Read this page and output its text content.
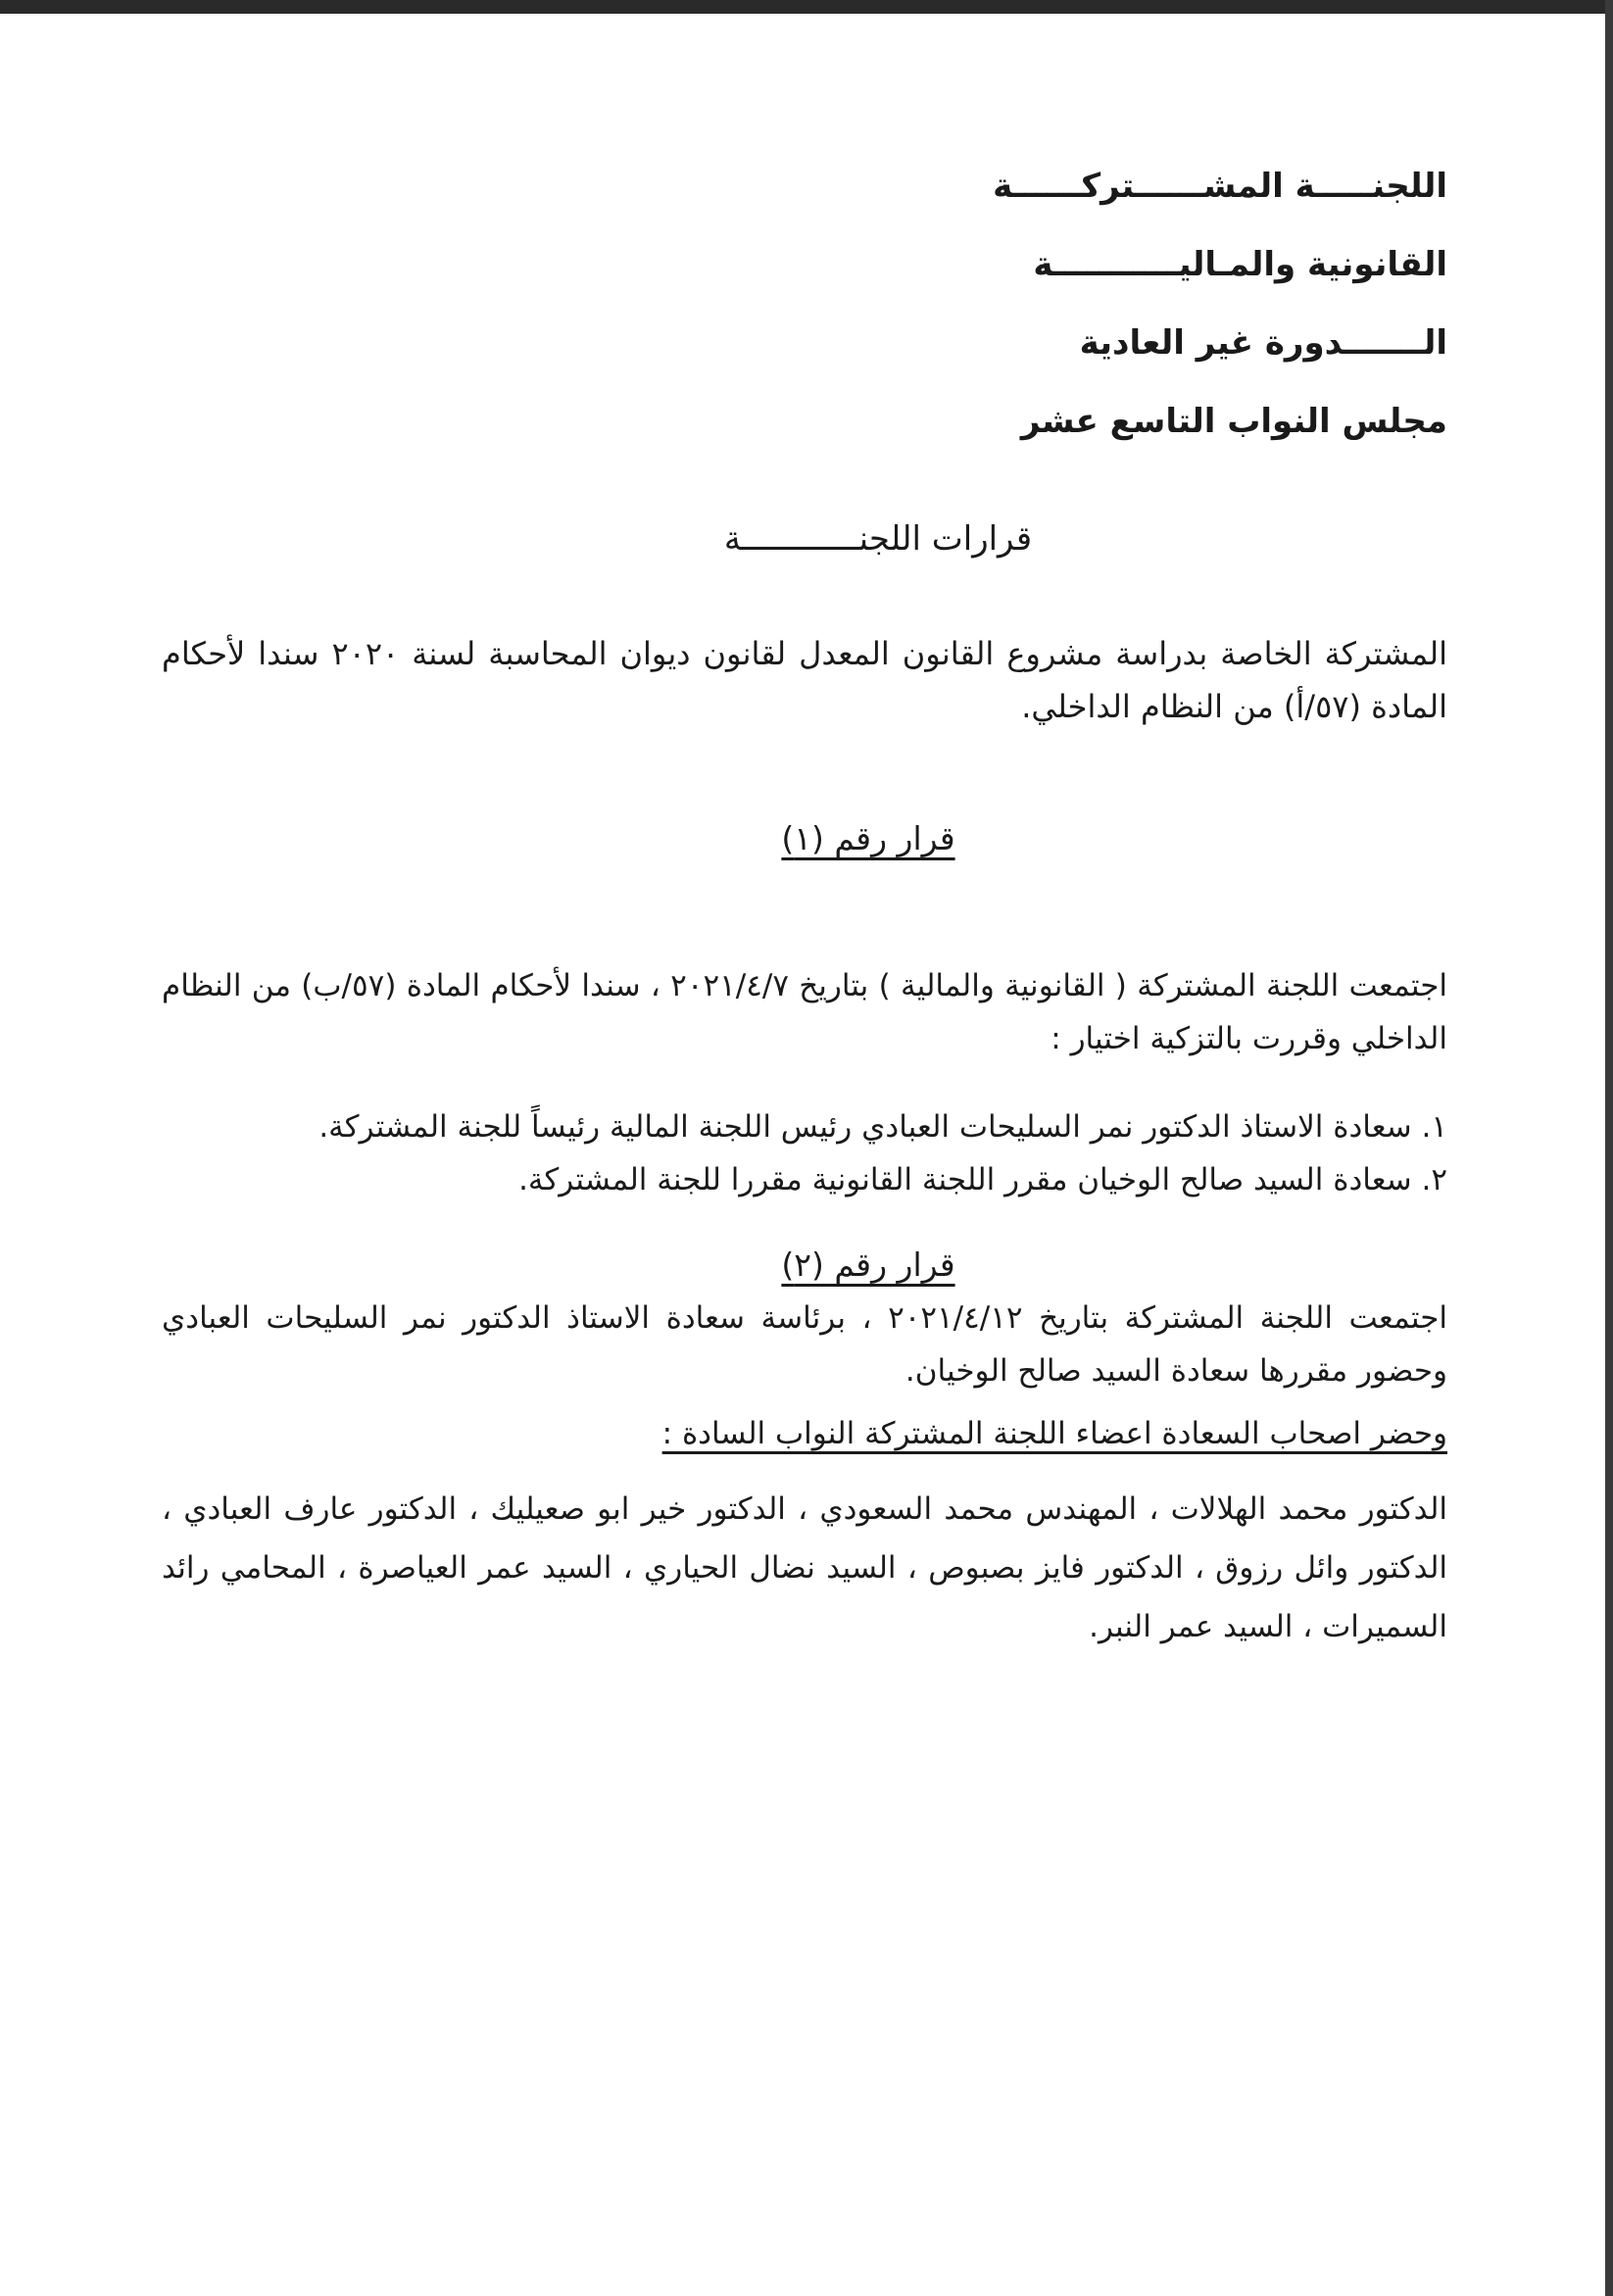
اللجنـــــة المشــــــتركــــــة
القانونية والمـاليـــــــــــة
الـــــــدورة غير العادية
مجلس النواب التاسع عشر
قرارات اللجنــــــــــــة
المشتركة الخاصة بدراسة مشروع القانون المعدل لقانون ديوان المحاسبة لسنة ٢٠٢٠ سندا لأحكام المادة (٥٧/أ) من النظام الداخلي.
قرار رقم (١)
اجتمعت اللجنة المشتركة ( القانونية والمالية ) بتاريخ ٢٠٢١/٤/٧ ، سندا لأحكام المادة (٥٧/ب) من النظام الداخلي وقررت بالتزكية اختيار :
١. سعادة الاستاذ الدكتور نمر السليحات العبادي رئيس اللجنة المالية رئيساً للجنة المشتركة.
٢. سعادة السيد صالح الوخيان مقرر اللجنة القانونية مقررا للجنة المشتركة.
قرار رقم (٢)
اجتمعت اللجنة المشتركة بتاريخ ٢٠٢١/٤/١٢ ، برئاسة سعادة الاستاذ الدكتور نمر السليحات العبادي وحضور مقررها سعادة السيد صالح الوخيان.
وحضر اصحاب السعادة اعضاء اللجنة المشتركة النواب السادة :
الدكتور محمد الهلالات ، المهندس محمد السعودي ، الدكتور خير ابو صعيليك ، الدكتور عارف العبادي ، الدكتور وائل رزوق ، الدكتور فايز بصبوص ، السيد نضال الحياري ، السيد عمر العياصرة ، المحامي رائد السميرات ، السيد عمر النبر.
